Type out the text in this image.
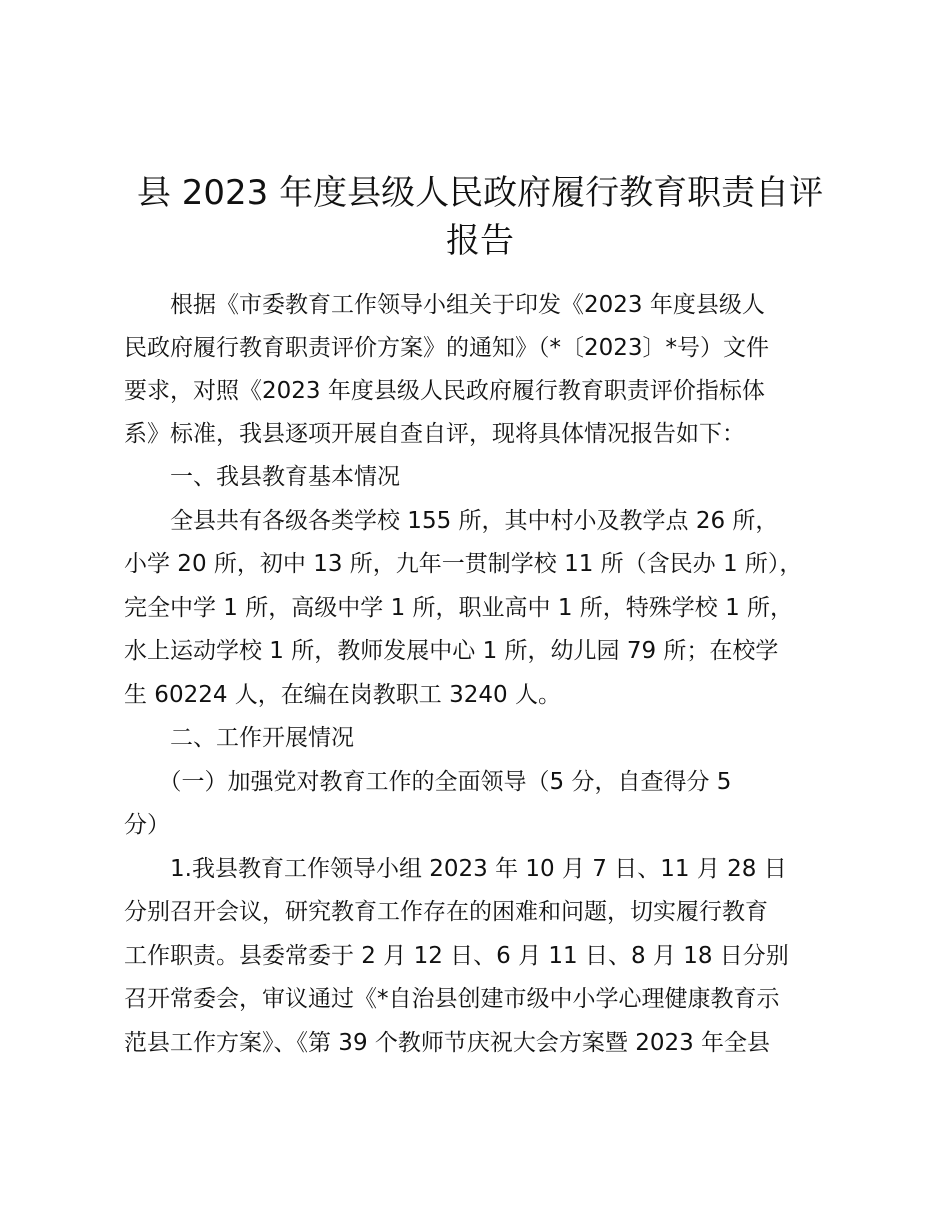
县 2023 年度县级人民政府履行教育职责自评
报告

　　根据《市委教育工作领导小组关于印发《2023 年度县级人

民政府履行教育职责评价方案》的通知》（*〔2023〕*号）文件

要求，对照《2023 年度县级人民政府履行教育职责评价指标体

系》标准，我县逐项开展自查自评，现将具体情况报告如下：

　　一、我县教育基本情况

　　全县共有各级各类学校 155 所，其中村小及教学点 26 所，

小学 20 所，初中 13 所，九年一贯制学校 11 所（含民办 1 所），

完全中学 1 所，高级中学 1 所，职业高中 1 所，特殊学校 1 所，

水上运动学校 1 所，教师发展中心 1 所，幼儿园 79 所；在校学

生 60224 人，在编在岗教职工 3240 人。

　　二、工作开展情况

　　（一）加强党对教育工作的全面领导（5 分，自查得分 5

分）

　　1.我县教育工作领导小组 2023 年 10 月 7 日、11 月 28 日

分别召开会议，研究教育工作存在的困难和问题，切实履行教育

工作职责。县委常委于 2 月 12 日、6 月 11 日、8 月 18 日分别

召开常委会，审议通过《*自治县创建市级中小学心理健康教育示

范县工作方案》、《第 39 个教师节庆祝大会方案暨 2023 年全县
